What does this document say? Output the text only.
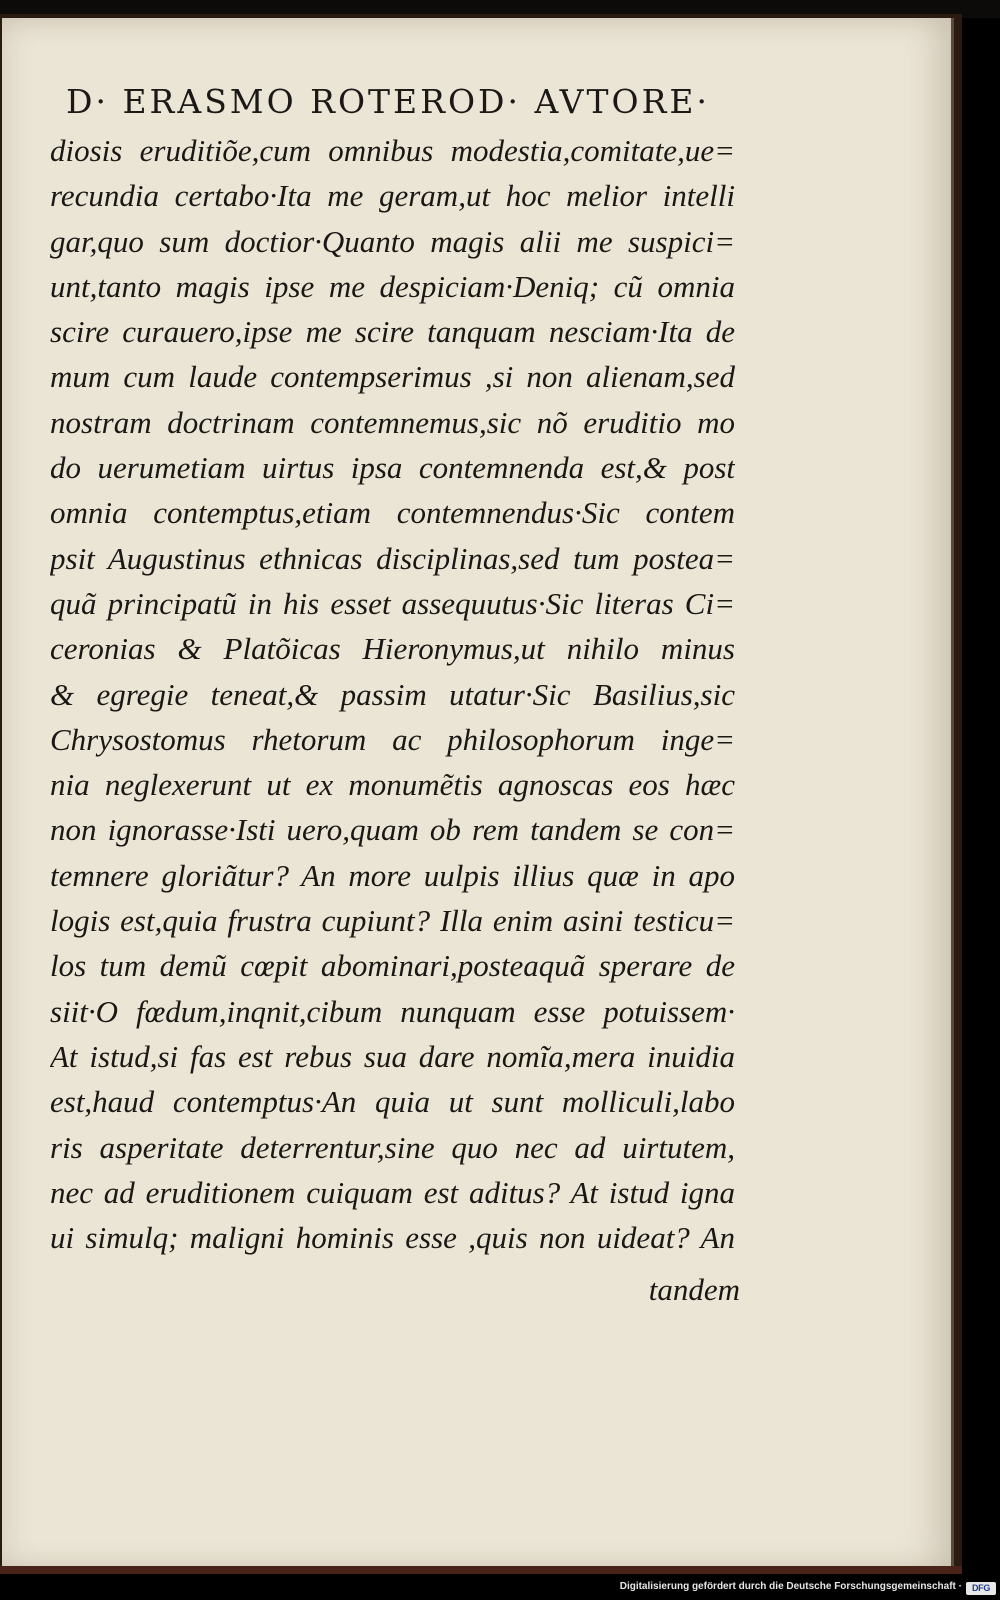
D· ERASMO ROTEROD· AVTORE·
diosis eruditiõe,cum omnibus modestia,comitate,ue=
recundia certabo·Ita me geram,ut hoc melior intelli
gar,quo sum doctior·Quanto magis alii me suspici=
unt,tanto magis ipse me despiciam·Deniq; cũ omnia
scire curauero,ipse me scire tanquam nesciam·Ita de
mum cum laude contempserimus ,si non alienam,sed
nostram doctrinam contemnemus,sic nõ eruditio mo
do uerumetiam uirtus ipsa contemnenda est,& post
omnia contemptus,etiam contemnendus·Sic contem
psit Augustinus ethnicas disciplinas,sed tum postea=
quã principatũ in his esset assequutus·Sic literas Ci=
ceronias & Platõicas Hieronymus,ut nihilo minus
& egregie teneat,& passim utatur·Sic Basilius,sic
Chrysostomus rhetorum ac philosophorum inge=
nia neglexerunt ut ex monumẽtis agnoscas eos hæc
non ignorasse·Isti uero,quam ob rem tandem se con=
temnere gloriãtur? An more uulpis illius quæ in apo
logis est,quia frustra cupiunt? Illa enim asini testicu=
los tum demũ cœpit abominari,posteaquã sperare de
siit·O fœdum,inqnit,cibum nunquam esse potuissem·
At istud,si fas est rebus sua dare nomĩa,mera inuidia
est,haud contemptus·An quia ut sunt molliculi,labo
ris asperitate deterrentur,sine quo nec ad uirtutem,
nec ad eruditionem cuiquam est aditus? At istud igna
ui simulq; maligni hominis esse ,quis non uideat? An
tandem
Digitalisierung gefördert durch die Deutsche Forschungsgemeinschaft ·	DFG
